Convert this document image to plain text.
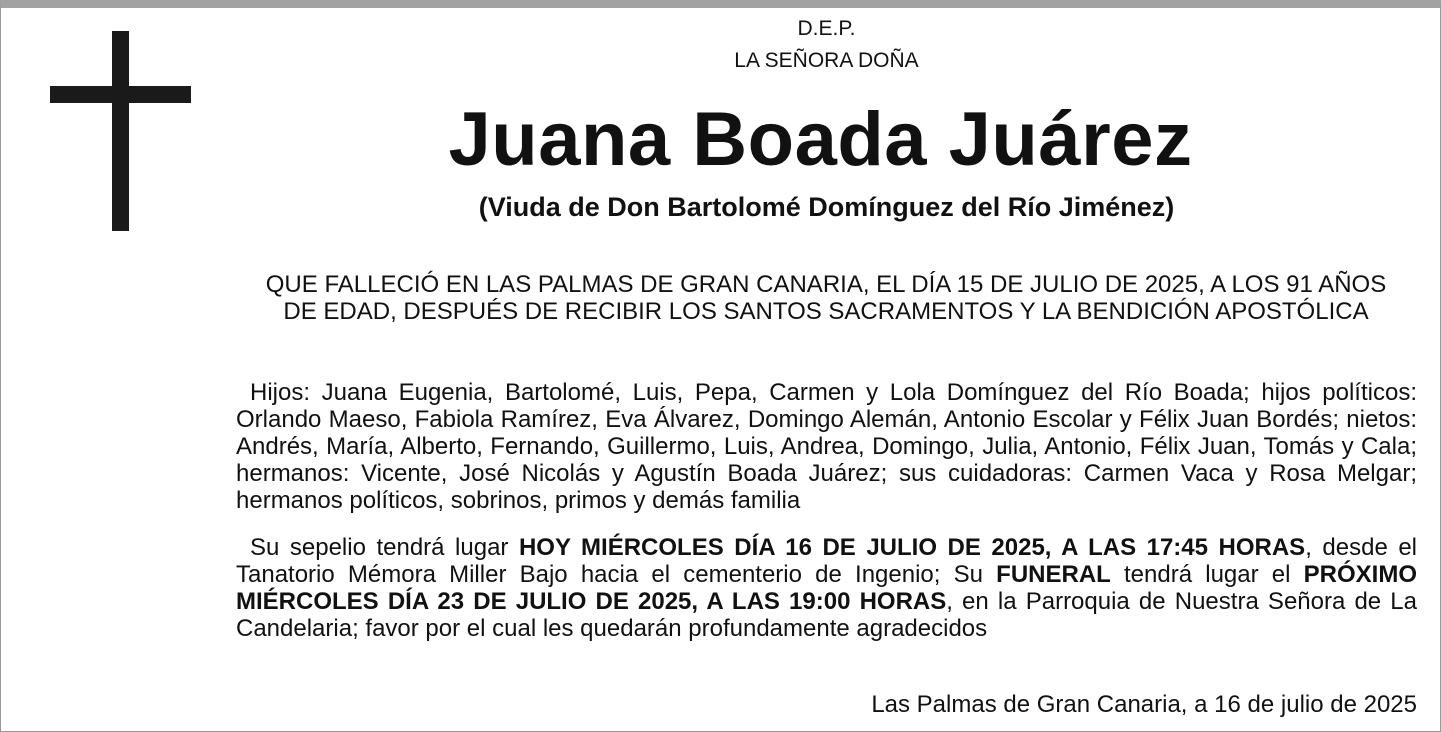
D.E.P.
LA SEÑORA DOÑA
Juana Boada Juárez
(Viuda de Don Bartolomé Domínguez del Río Jiménez)
QUE FALLECIÓ EN LAS PALMAS DE GRAN CANARIA, EL DÍA 15 DE JULIO DE 2025, A LOS 91 AÑOS DE EDAD, DESPUÉS DE RECIBIR LOS SANTOS SACRAMENTOS Y LA BENDICIÓN APOSTÓLICA
Hijos: Juana Eugenia, Bartolomé, Luis, Pepa, Carmen y Lola Domínguez del Río Boada; hijos políticos: Orlando Maeso, Fabiola Ramírez, Eva Álvarez, Domingo Alemán, Antonio Escolar y Félix Juan Bordés; nietos: Andrés, María, Alberto, Fernando, Guillermo, Luis, Andrea, Domingo, Julia, Antonio, Félix Juan, Tomás y Cala; hermanos: Vicente, José Nicolás y Agustín Boada Juárez; sus cuidadoras: Carmen Vaca y Rosa Melgar; hermanos políticos, sobrinos, primos y demás familia
Su sepelio tendrá lugar HOY MIÉRCOLES DÍA 16 DE JULIO DE 2025, A LAS 17:45 HORAS, desde el Tanatorio Mémora Miller Bajo hacia el cementerio de Ingenio; Su FUNERAL tendrá lugar el PRÓXIMO MIÉRCOLES DÍA 23 DE JULIO DE 2025, A LAS 19:00 HORAS, en la Parroquia de Nuestra Señora de La Candelaria; favor por el cual les quedarán profundamente agradecidos
Las Palmas de Gran Canaria, a 16 de julio de 2025
